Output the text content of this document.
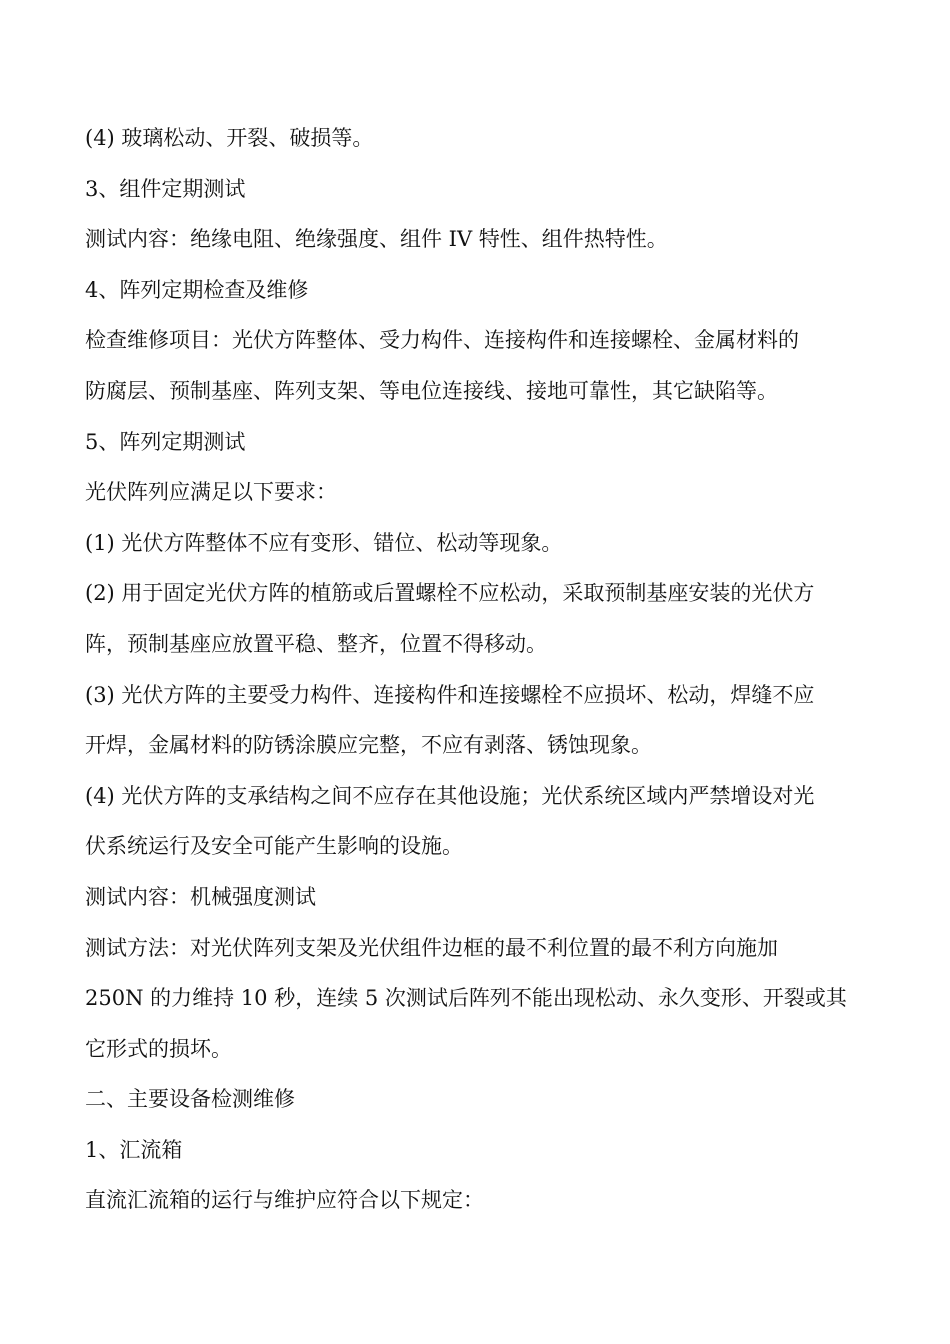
(4) 玻璃松动、开裂、破损等。
3、组件定期测试
测试内容：绝缘电阻、绝缘强度、组件 IV 特性、组件热特性。
4、阵列定期检查及维修
检查维修项目：光伏方阵整体、受力构件、连接构件和连接螺栓、金属材料的
防腐层、预制基座、阵列支架、等电位连接线、接地可靠性，其它缺陷等。
5、阵列定期测试
光伏阵列应满足以下要求：
(1) 光伏方阵整体不应有变形、错位、松动等现象。
(2) 用于固定光伏方阵的植筋或后置螺栓不应松动，采取预制基座安装的光伏方
阵，预制基座应放置平稳、整齐，位置不得移动。
(3) 光伏方阵的主要受力构件、连接构件和连接螺栓不应损坏、松动，焊缝不应
开焊，金属材料的防锈涂膜应完整，不应有剥落、锈蚀现象。
(4) 光伏方阵的支承结构之间不应存在其他设施；光伏系统区域内严禁增设对光
伏系统运行及安全可能产生影响的设施。
测试内容：机械强度测试
测试方法：对光伏阵列支架及光伏组件边框的最不利位置的最不利方向施加
250N 的力维持 10 秒，连续 5 次测试后阵列不能出现松动、永久变形、开裂或其
它形式的损坏。
二、主要设备检测维修
1、汇流箱
直流汇流箱的运行与维护应符合以下规定：
